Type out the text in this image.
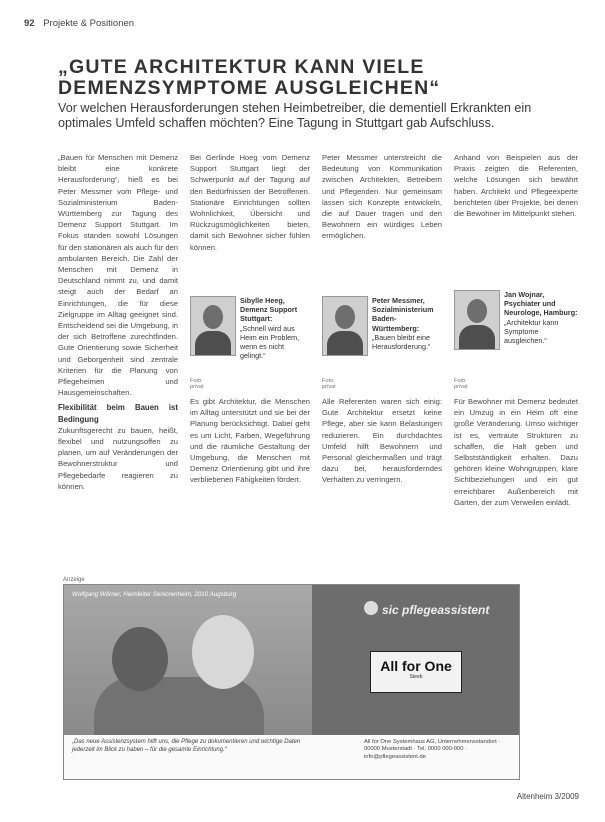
92 Projekte & Positionen
„GUTE ARCHITEKTUR KANN VIELE DEMENZSYMPTOME AUSGLEICHEN“
Vor welchen Herausforderungen stehen Heimbetreiber, die dementiell Erkrankten ein optimales Umfeld schaffen möchten? Eine Tagung in Stuttgart gab Aufschluss.

„Bauen für Menschen mit Demenz bleibt eine konkrete Herausforderung“, hieß es bei Peter Messmer vom Pflege- und Sozialministerium Baden-Württemberg zur Tagung des Demenz Support Stuttgart. Im Fokus standen sowohl Lösungen für den stationären als auch für den ambulanten Bereich. Die Zahl der Menschen mit Demenz in Deutschland nimmt zu, und damit steigt auch der Bedarf an Einrichtungen, die für diese Zielgruppe im Alltag geeignet sind. Entscheidend sei die Umgebung, in der sich Betroffene zurechtfinden. Gute Orientierung sowie Sicherheit und Geborgenheit sind zentrale Kriterien für die Planung von Pflegeheimen und Hausgemeinschaften.

Flexibilität beim Bauen ist Bedingung

Zukunftsgerecht zu bauen, heißt, flexibel und nutzungsoffen zu planen, um auf Veränderungen der Bewohnerstruktur und Pflegebedarfe reagieren zu können.

Bei Gerlinde Hoeg vom Demenz Support Stuttgart liegt der Schwerpunkt auf der Tagung auf den Bedürfnissen der Betroffenen. Stationäre Einrichtungen sollten Wohnlichkeit, Übersicht und Rückzugsmöglichkeiten bieten, damit sich Bewohner sicher fühlen können.

Peter Messmer unterstreicht die Bedeutung von Kommunikation zwischen Architekten, Betreibern und Pflegenden. Nur gemeinsam lassen sich Konzepte entwickeln, die auf Dauer tragen und den Bewohnern ein würdiges Leben ermöglichen.

Anhand von Beispielen aus der Praxis zeigten die Referenten, welche Lösungen sich bewährt haben. Architekt und Pflegeexperte berichteten über Projekte, bei denen die Bewohner im Mittelpunkt stehen.

Sibylle Heeg,
Demenz Support Stuttgart:
„Schnell wird aus Heim ein Problem, wenn es nicht gelingt.“
Foto: privat
Peter Messmer,
Sozialministerium Baden-Württemberg:
„Bauen bleibt eine Herausforderung.“
Foto: privat
Jan Wojnar, Psychiater und Neurologe, Hamburg:
„Architektur kann Symptome ausgleichen.“
Foto: privat

Es gibt Architektur, die Menschen im Alltag unterstützt und sie bei der Planung berücksichtigt. Dabei geht es um Licht, Farben, Wegeführung und die räumliche Gestaltung der Umgebung, die Menschen mit Demenz Orientierung gibt und ihre verbliebenen Fähigkeiten fördert.

Alle Referenten waren sich einig: Gute Architektur ersetzt keine Pflege, aber sie kann Belastungen reduzieren. Ein durchdachtes Umfeld hilft Bewohnern und Personal gleichermaßen und trägt dazu bei, herausforderndes Verhalten zu verringern.

Für Bewohner mit Demenz bedeutet ein Umzug in ein Heim oft eine große Veränderung. Umso wichtiger ist es, vertraute Strukturen zu schaffen, die Halt geben und Selbstständigkeit erhalten. Dazu gehören kleine Wohngruppen, klare Sichtbeziehungen und ein gut erreichbarer Außenbereich mit Garten, der zum Verweilen einlädt.

Anzeige
Wolfgang Wörner, Heimleiter Seniorenheim, 2010 Augsburg
sic pflegeassistent
All for One
Steeb
„Das neue Assistenzsystem hilft uns, die Pflege zu dokumentieren und wichtige Daten jederzeit im Blick zu haben – für die gesamte Einrichtung.“
All for One Systemhaus AG, Unternehmensstandort · 00000 Musterstadt · Tel. 0000 000-000 · info@pflegeassistent.de
Altenheim 3/2009
